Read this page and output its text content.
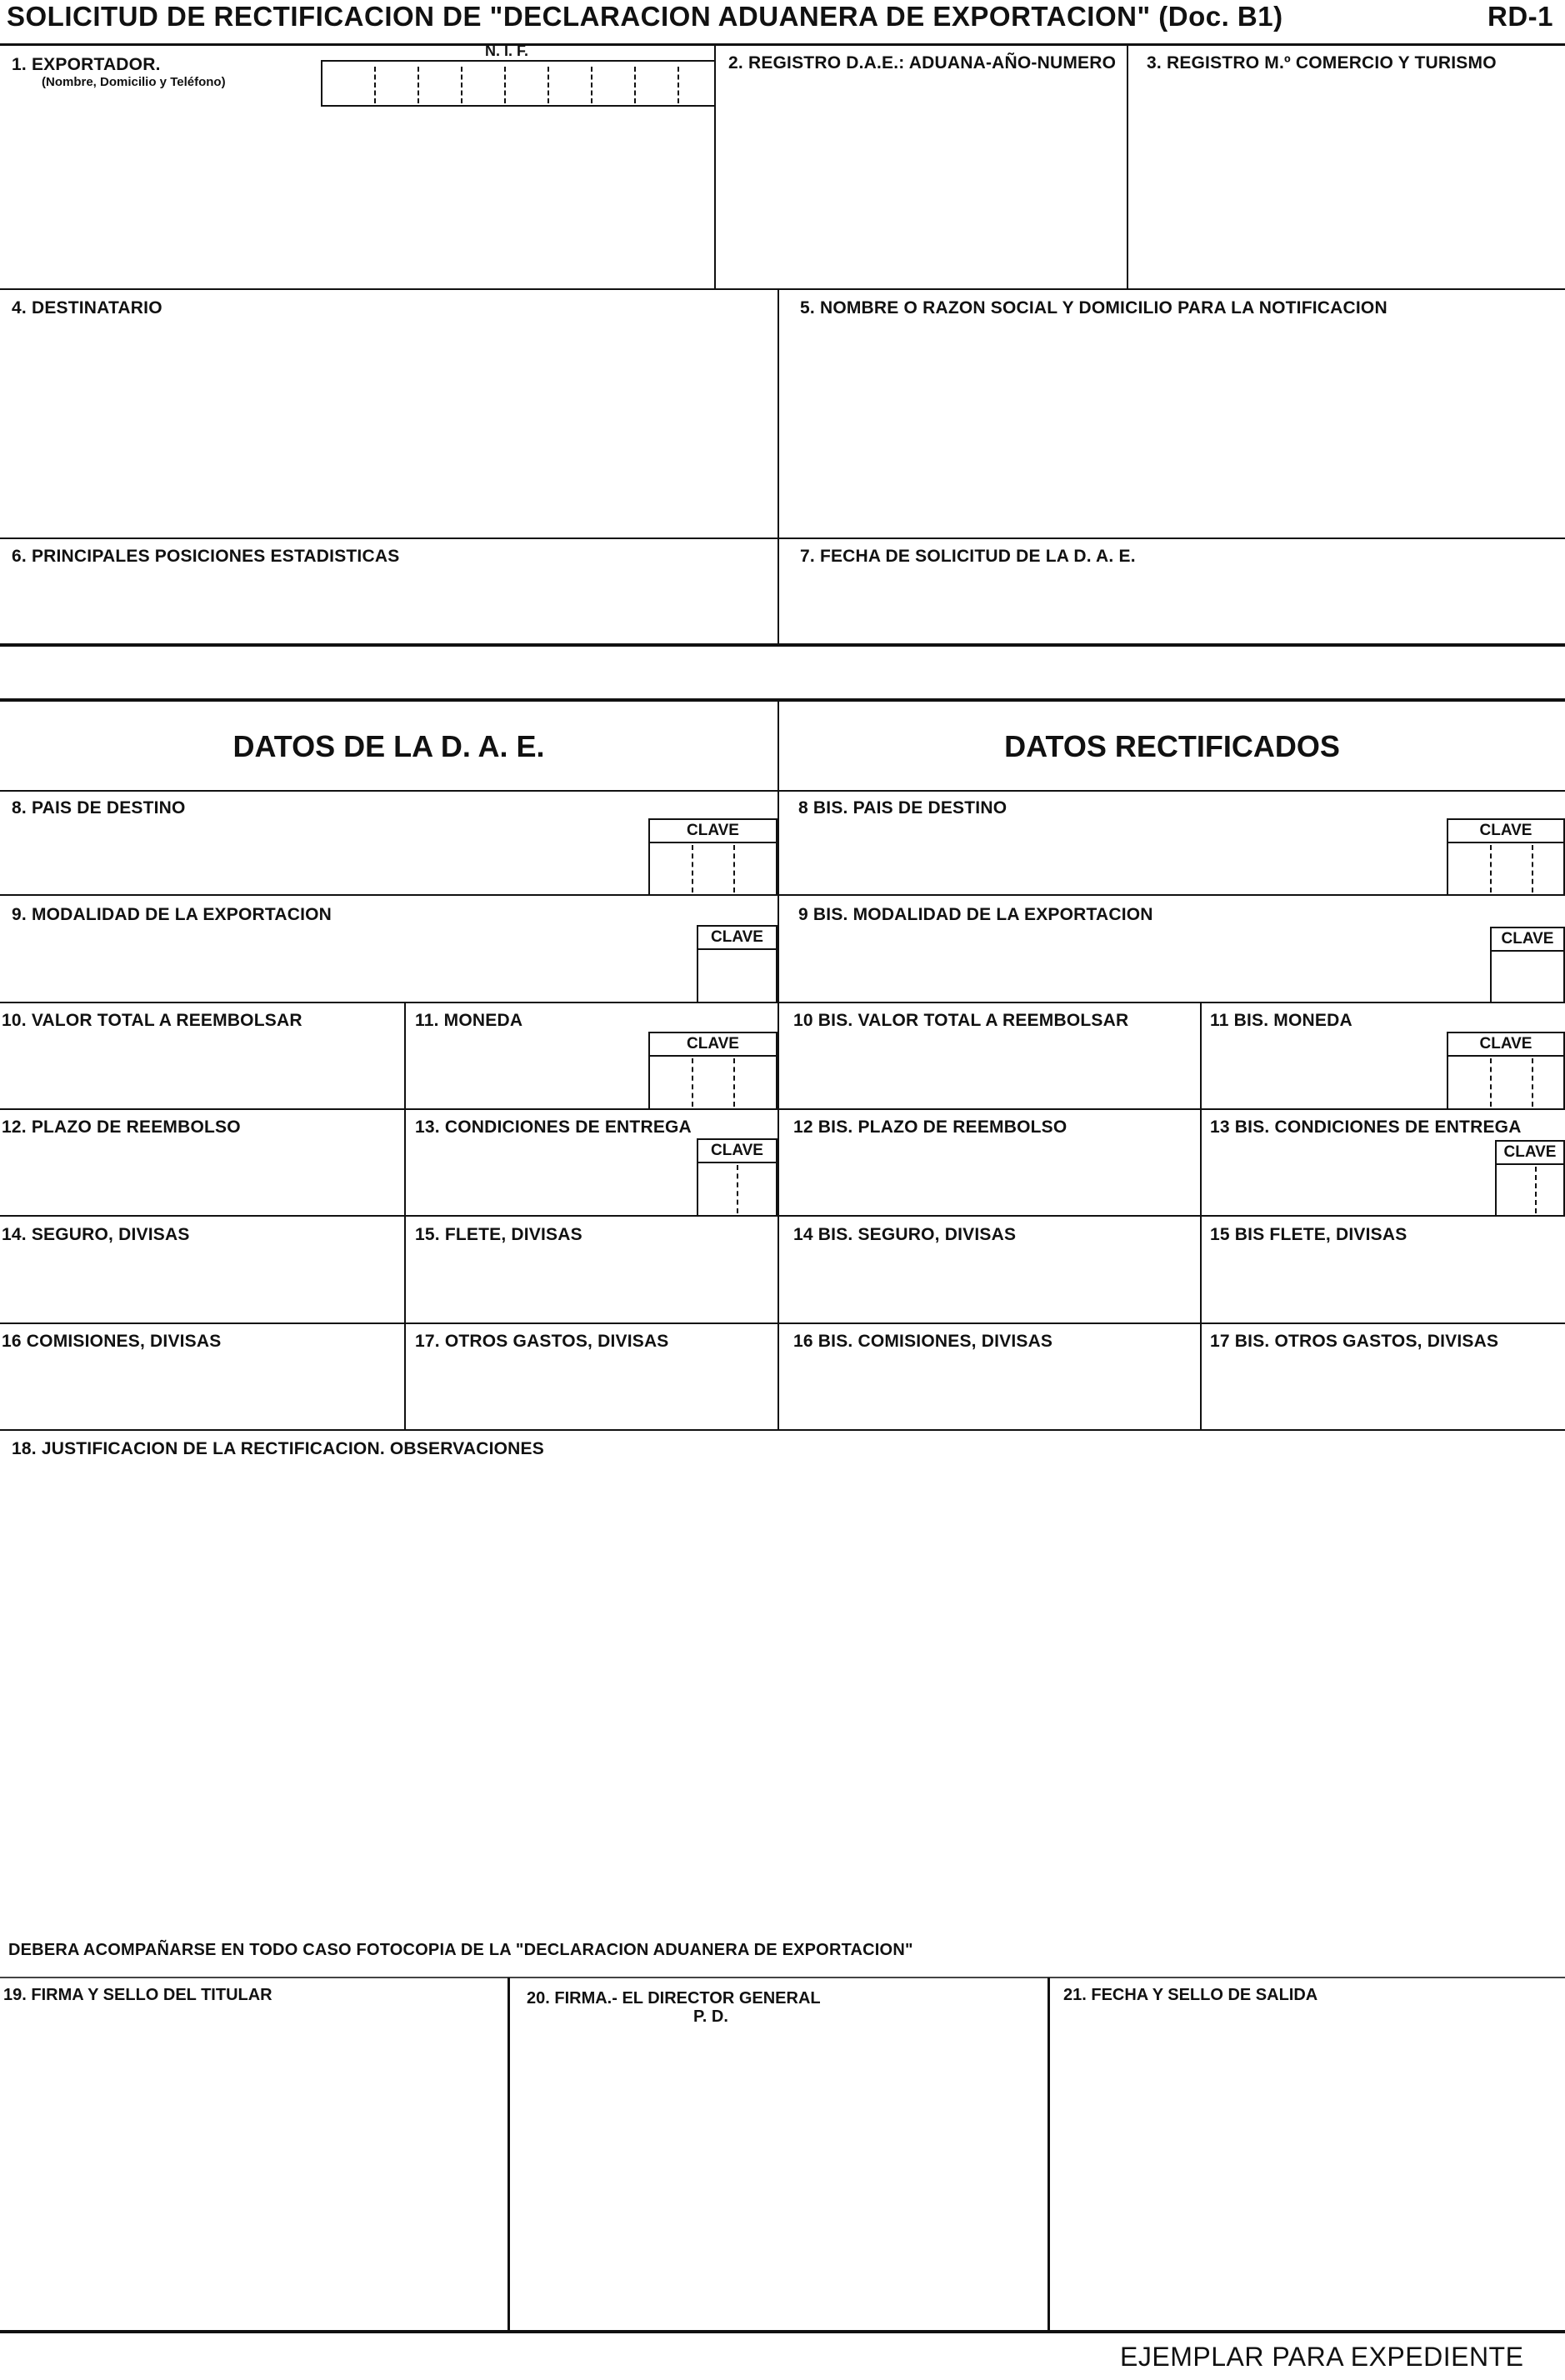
SOLICITUD DE RECTIFICACION DE "DECLARACION ADUANERA DE EXPORTACION" (Doc. B1)	RD-1
1. EXPORTADOR.
(Nombre, Domicilio y Teléfono)
N. I. F.
2. REGISTRO D.A.E.: ADUANA-AÑO-NUMERO 3. REGISTRO M.º COMERCIO Y TURISMO
4. DESTINATARIO	5. NOMBRE O RAZON SOCIAL Y DOMICILIO PARA LA NOTIFICACION
6. PRINCIPALES POSICIONES ESTADISTICAS	7. FECHA DE SOLICITUD DE LA D. A. E.
DATOS DE LA D. A. E.	DATOS RECTIFICADOS
8. PAIS DE DESTINO
CLAVE
8 BIS. PAIS DE DESTINO
CLAVE
9. MODALIDAD DE LA EXPORTACION
CLAVE
9 BIS. MODALIDAD DE LA EXPORTACION
CLAVE
10. VALOR TOTAL A REEMBOLSAR	11. MONEDA
CLAVE
10 BIS. VALOR TOTAL A REEMBOLSAR	11 BIS. MONEDA
CLAVE
12. PLAZO DE REEMBOLSO	13. CONDICIONES DE ENTREGA
CLAVE
12 BIS. PLAZO DE REEMBOLSO	13 BIS. CONDICIONES DE ENTREGA
CLAVE
14. SEGURO, DIVISAS	15. FLETE, DIVISAS	14 BIS. SEGURO, DIVISAS	15 BIS FLETE, DIVISAS
16 COMISIONES, DIVISAS	17. OTROS GASTOS, DIVISAS	16 BIS. COMISIONES, DIVISAS	17 BIS. OTROS GASTOS, DIVISAS
18. JUSTIFICACION DE LA RECTIFICACION. OBSERVACIONES
DEBERA ACOMPAÑARSE EN TODO CASO FOTOCOPIA DE LA "DECLARACION ADUANERA DE EXPORTACION"
19. FIRMA Y SELLO DEL TITULAR	20. FIRMA.- EL DIRECTOR GENERAL
P. D.
21. FECHA Y SELLO DE SALIDA
EJEMPLAR PARA EXPEDIENTE
